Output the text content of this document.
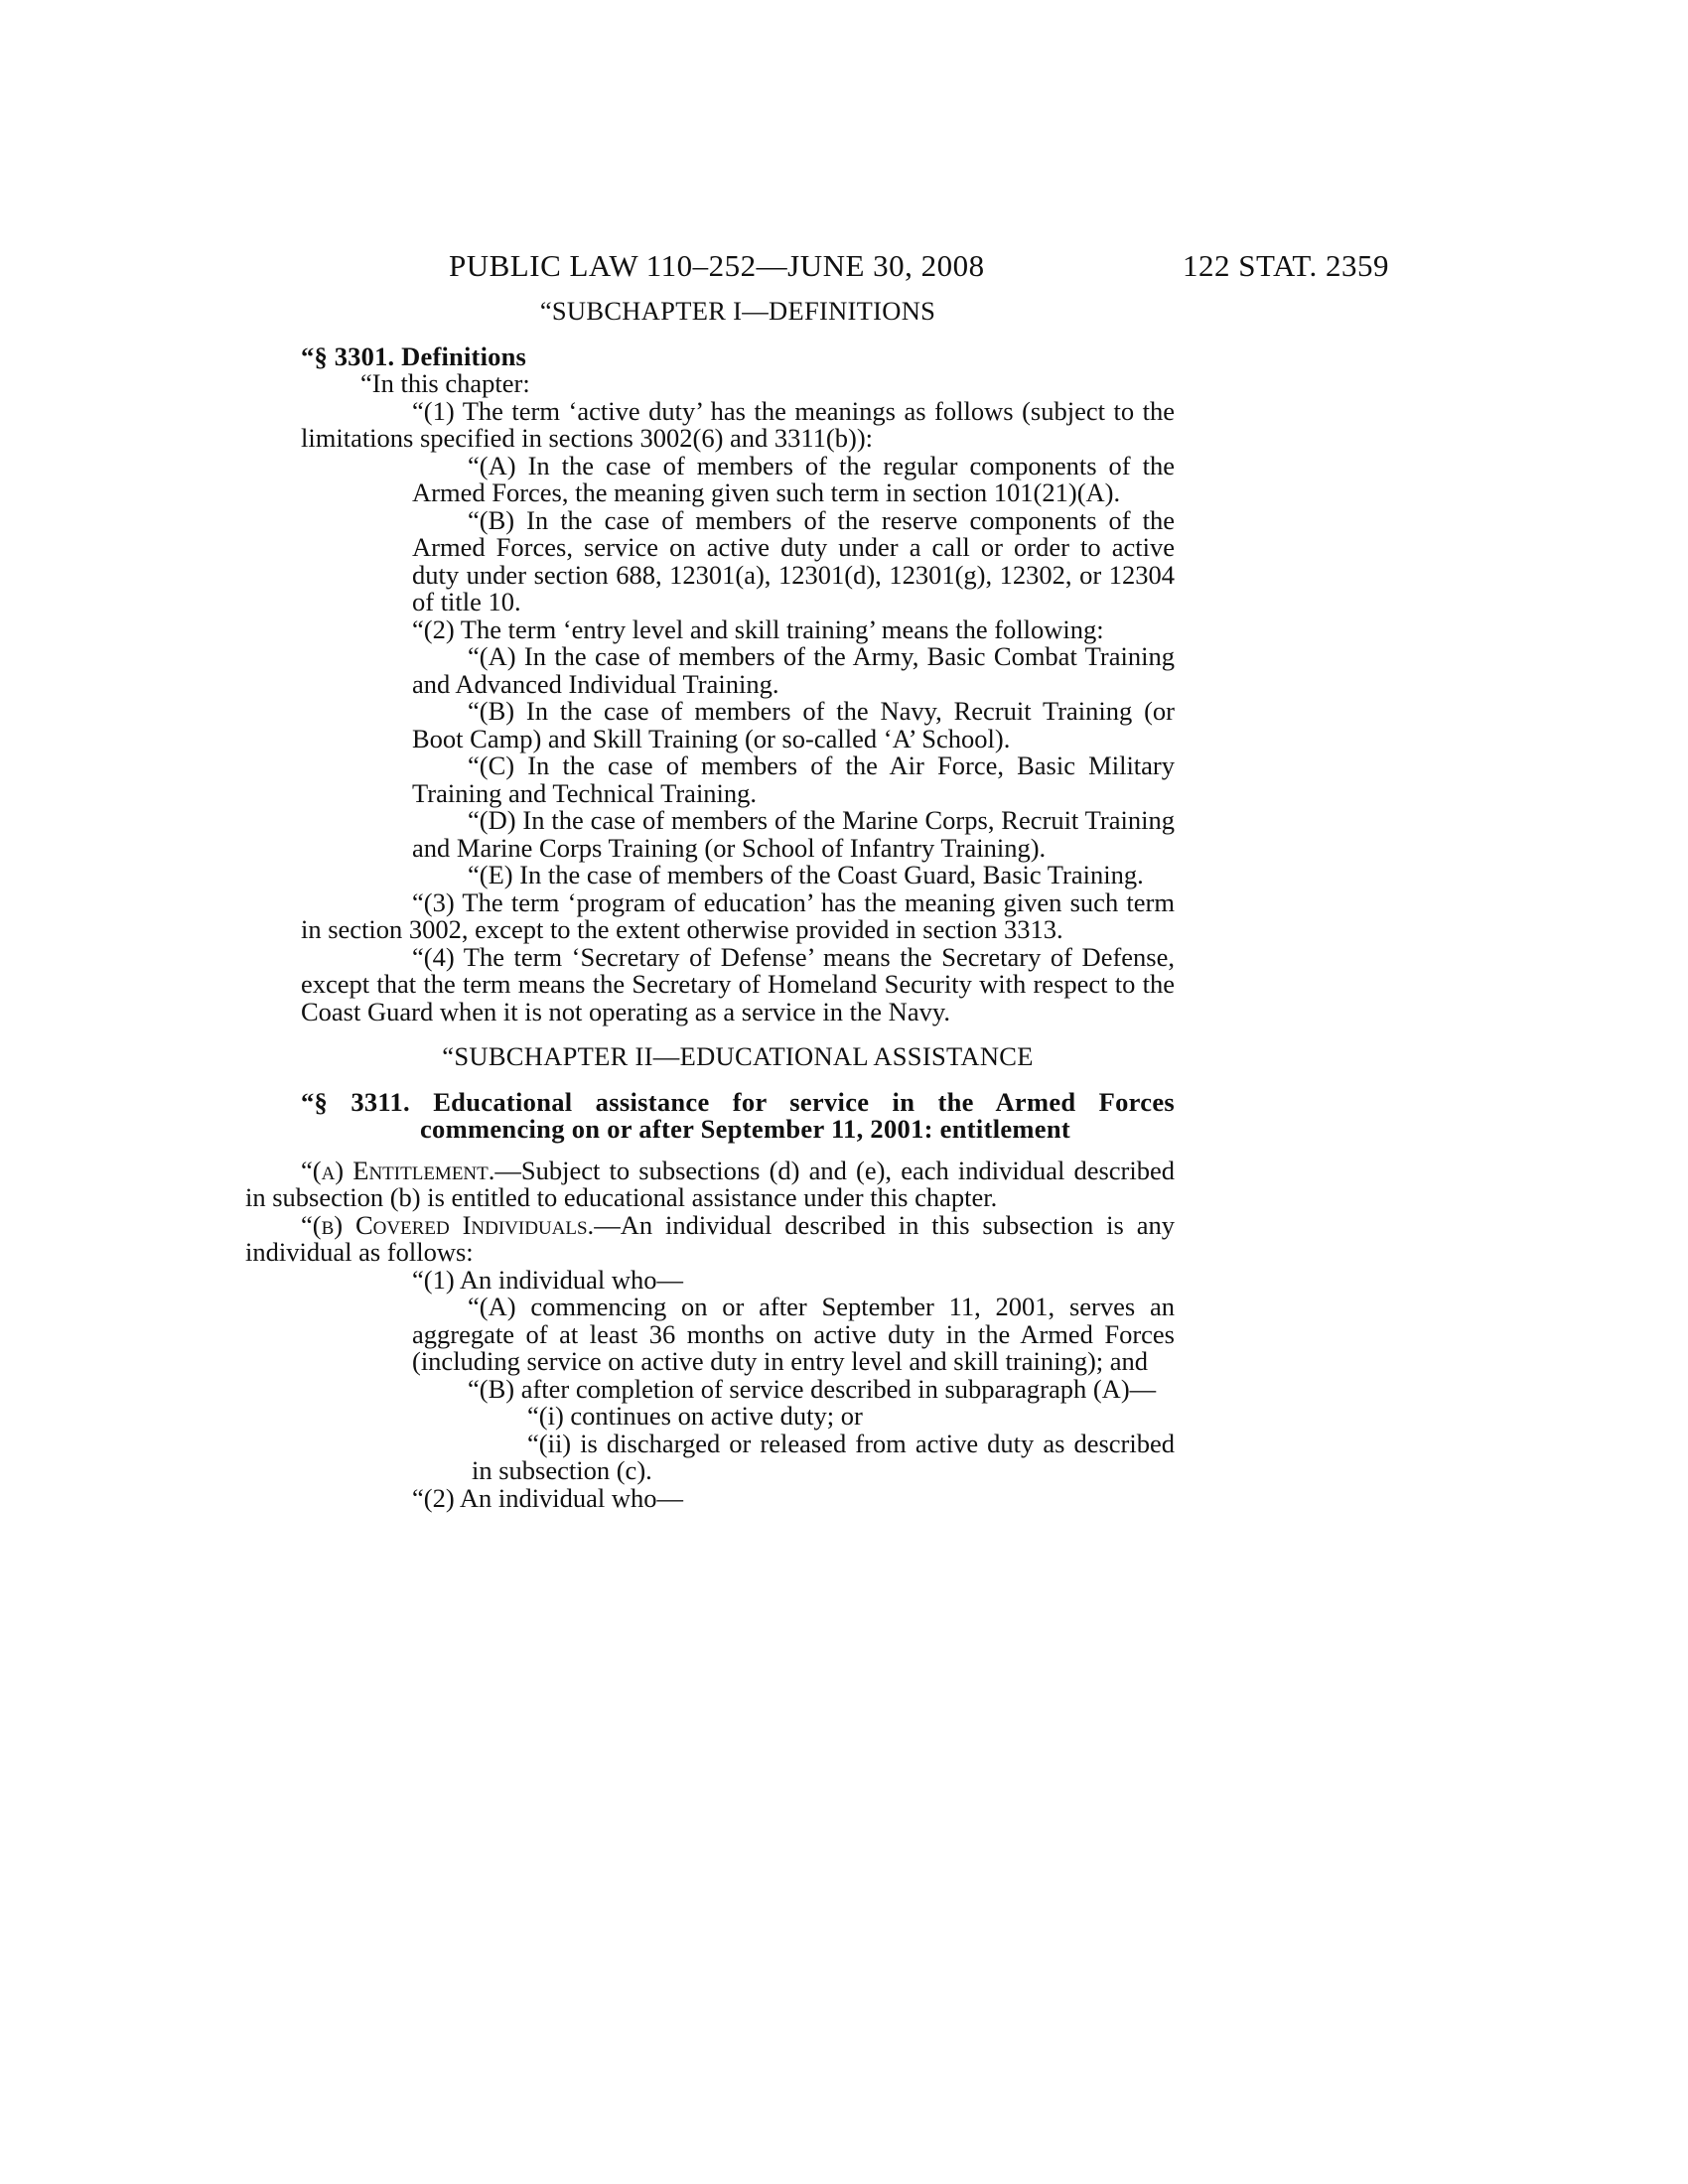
PUBLIC LAW 110–252—JUNE 30, 2008	122 STAT. 2359

“SUBCHAPTER I—DEFINITIONS

“§ 3301. Definitions

“In this chapter:

“(1) The term ‘active duty’ has the meanings as follows (subject to the limitations specified in sections 3002(6) and 3311(b)):

“(A) In the case of members of the regular components of the Armed Forces, the meaning given such term in section 101(21)(A).

“(B) In the case of members of the reserve components of the Armed Forces, service on active duty under a call or order to active duty under section 688, 12301(a), 12301(d), 12301(g), 12302, or 12304 of title 10.

“(2) The term ‘entry level and skill training’ means the following:

“(A) In the case of members of the Army, Basic Combat Training and Advanced Individual Training.

“(B) In the case of members of the Navy, Recruit Training (or Boot Camp) and Skill Training (or so-called ‘A’ School).

“(C) In the case of members of the Air Force, Basic Military Training and Technical Training.

“(D) In the case of members of the Marine Corps, Recruit Training and Marine Corps Training (or School of Infantry Training).

“(E) In the case of members of the Coast Guard, Basic Training.

“(3) The term ‘program of education’ has the meaning given such term in section 3002, except to the extent otherwise provided in section 3313.

“(4) The term ‘Secretary of Defense’ means the Secretary of Defense, except that the term means the Secretary of Homeland Security with respect to the Coast Guard when it is not operating as a service in the Navy.

“SUBCHAPTER II—EDUCATIONAL ASSISTANCE

“§ 3311. Educational assistance for service in the Armed Forces commencing on or after September 11, 2001: entitlement

“(a) Entitlement.—Subject to subsections (d) and (e), each individual described in subsection (b) is entitled to educational assistance under this chapter.

“(b) Covered Individuals.—An individual described in this subsection is any individual as follows:

“(1) An individual who—

“(A) commencing on or after September 11, 2001, serves an aggregate of at least 36 months on active duty in the Armed Forces (including service on active duty in entry level and skill training); and

“(B) after completion of service described in subparagraph (A)—

“(i) continues on active duty; or

“(ii) is discharged or released from active duty as described in subsection (c).

“(2) An individual who—
